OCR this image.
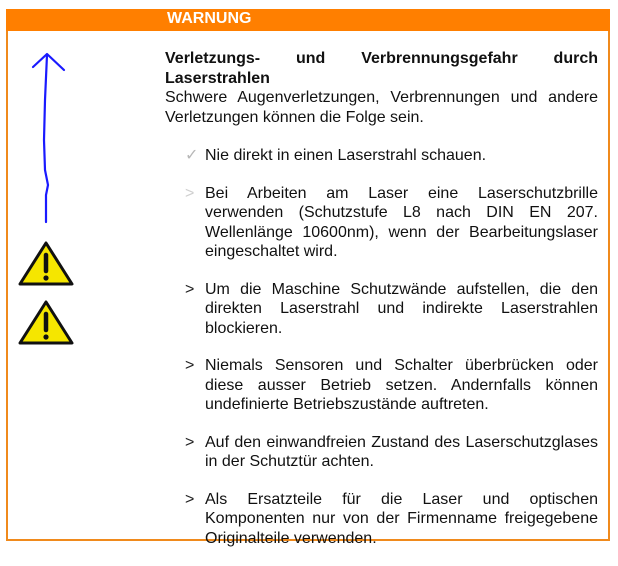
WARNUNG
Verletzungs- und Verbrennungsgefahr durch Laserstrahlen
Schwere Augenverletzungen, Verbrennungen und andere Verletzungen können die Folge sein.
✓ Nie direkt in einen Laserstrahl schauen.
> Bei Arbeiten am Laser eine Laserschutzbrille verwenden (Schutzstufe L8 nach DIN EN 207. Wellenlänge 10600nm), wenn der Bearbeitungslaser eingeschaltet wird.
> Um die Maschine Schutzwände aufstellen, die den direkten Laserstrahl und indirekte Laserstrahlen blockieren.
> Niemals Sensoren und Schalter überbrücken oder diese ausser Betrieb setzen. Andernfalls können undefinierte Betriebszustände auftreten.
> Auf den einwandfreien Zustand des Laserschutzglases in der Schutztür achten.
> Als Ersatzteile für die Laser und optischen Komponenten nur von der Firmenname freigegebene Originalteile verwenden.
